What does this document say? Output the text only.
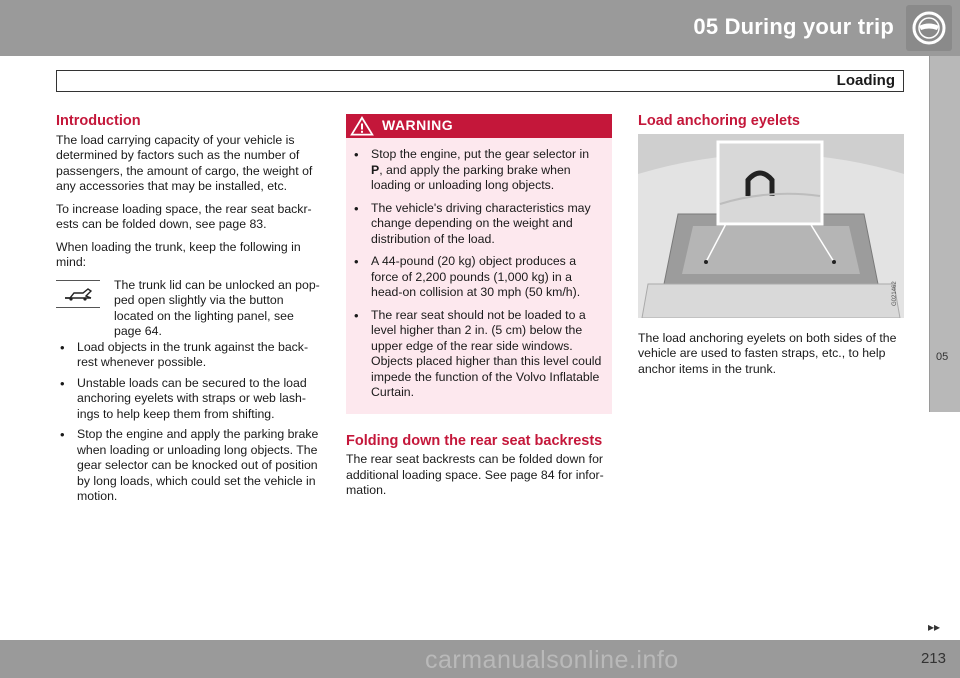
05 During your trip
Loading
05
Introduction

The load carrying capacity of your vehicle is determined by factors such as the number of passengers, the amount of cargo, the weight of any accessories that may be installed, etc.

To increase loading space, the rear seat backr-ests can be folded down, see page 83.

When loading the trunk, keep the following in mind:

The trunk lid can be unlocked an pop-ped open slightly via the button located on the lighting panel, see page 64.
• Load objects in the trunk against the back-rest whenever possible.
• Unstable loads can be secured to the load anchoring eyelets with straps or web lash-ings to help keep them from shifting.
• Stop the engine and apply the parking brake when loading or unloading long objects. The gear selector can be knocked out of position by long loads, which could set the vehicle in motion.
WARNING
• Stop the engine, put the gear selector in P, and apply the parking brake when loading or unloading long objects.
• The vehicle's driving characteristics may change depending on the weight and distribution of the load.
• A 44-pound (20 kg) object produces a force of 2,200 pounds (1,000 kg) in a head-on collision at 30 mph (50 km/h).
• The rear seat should not be loaded to a level higher than 2 in. (5 cm) below the upper edge of the rear side windows. Objects placed higher than this level could impede the function of the Volvo Inflatable Curtain.
Folding down the rear seat backrests

The rear seat backrests can be folded down for additional loading space. See page 84 for infor-mation.

Load anchoring eyelets
G021462

The load anchoring eyelets on both sides of the vehicle are used to fasten straps, etc., to help anchor items in the trunk.

▸▸
213
carmanualsonline.info
